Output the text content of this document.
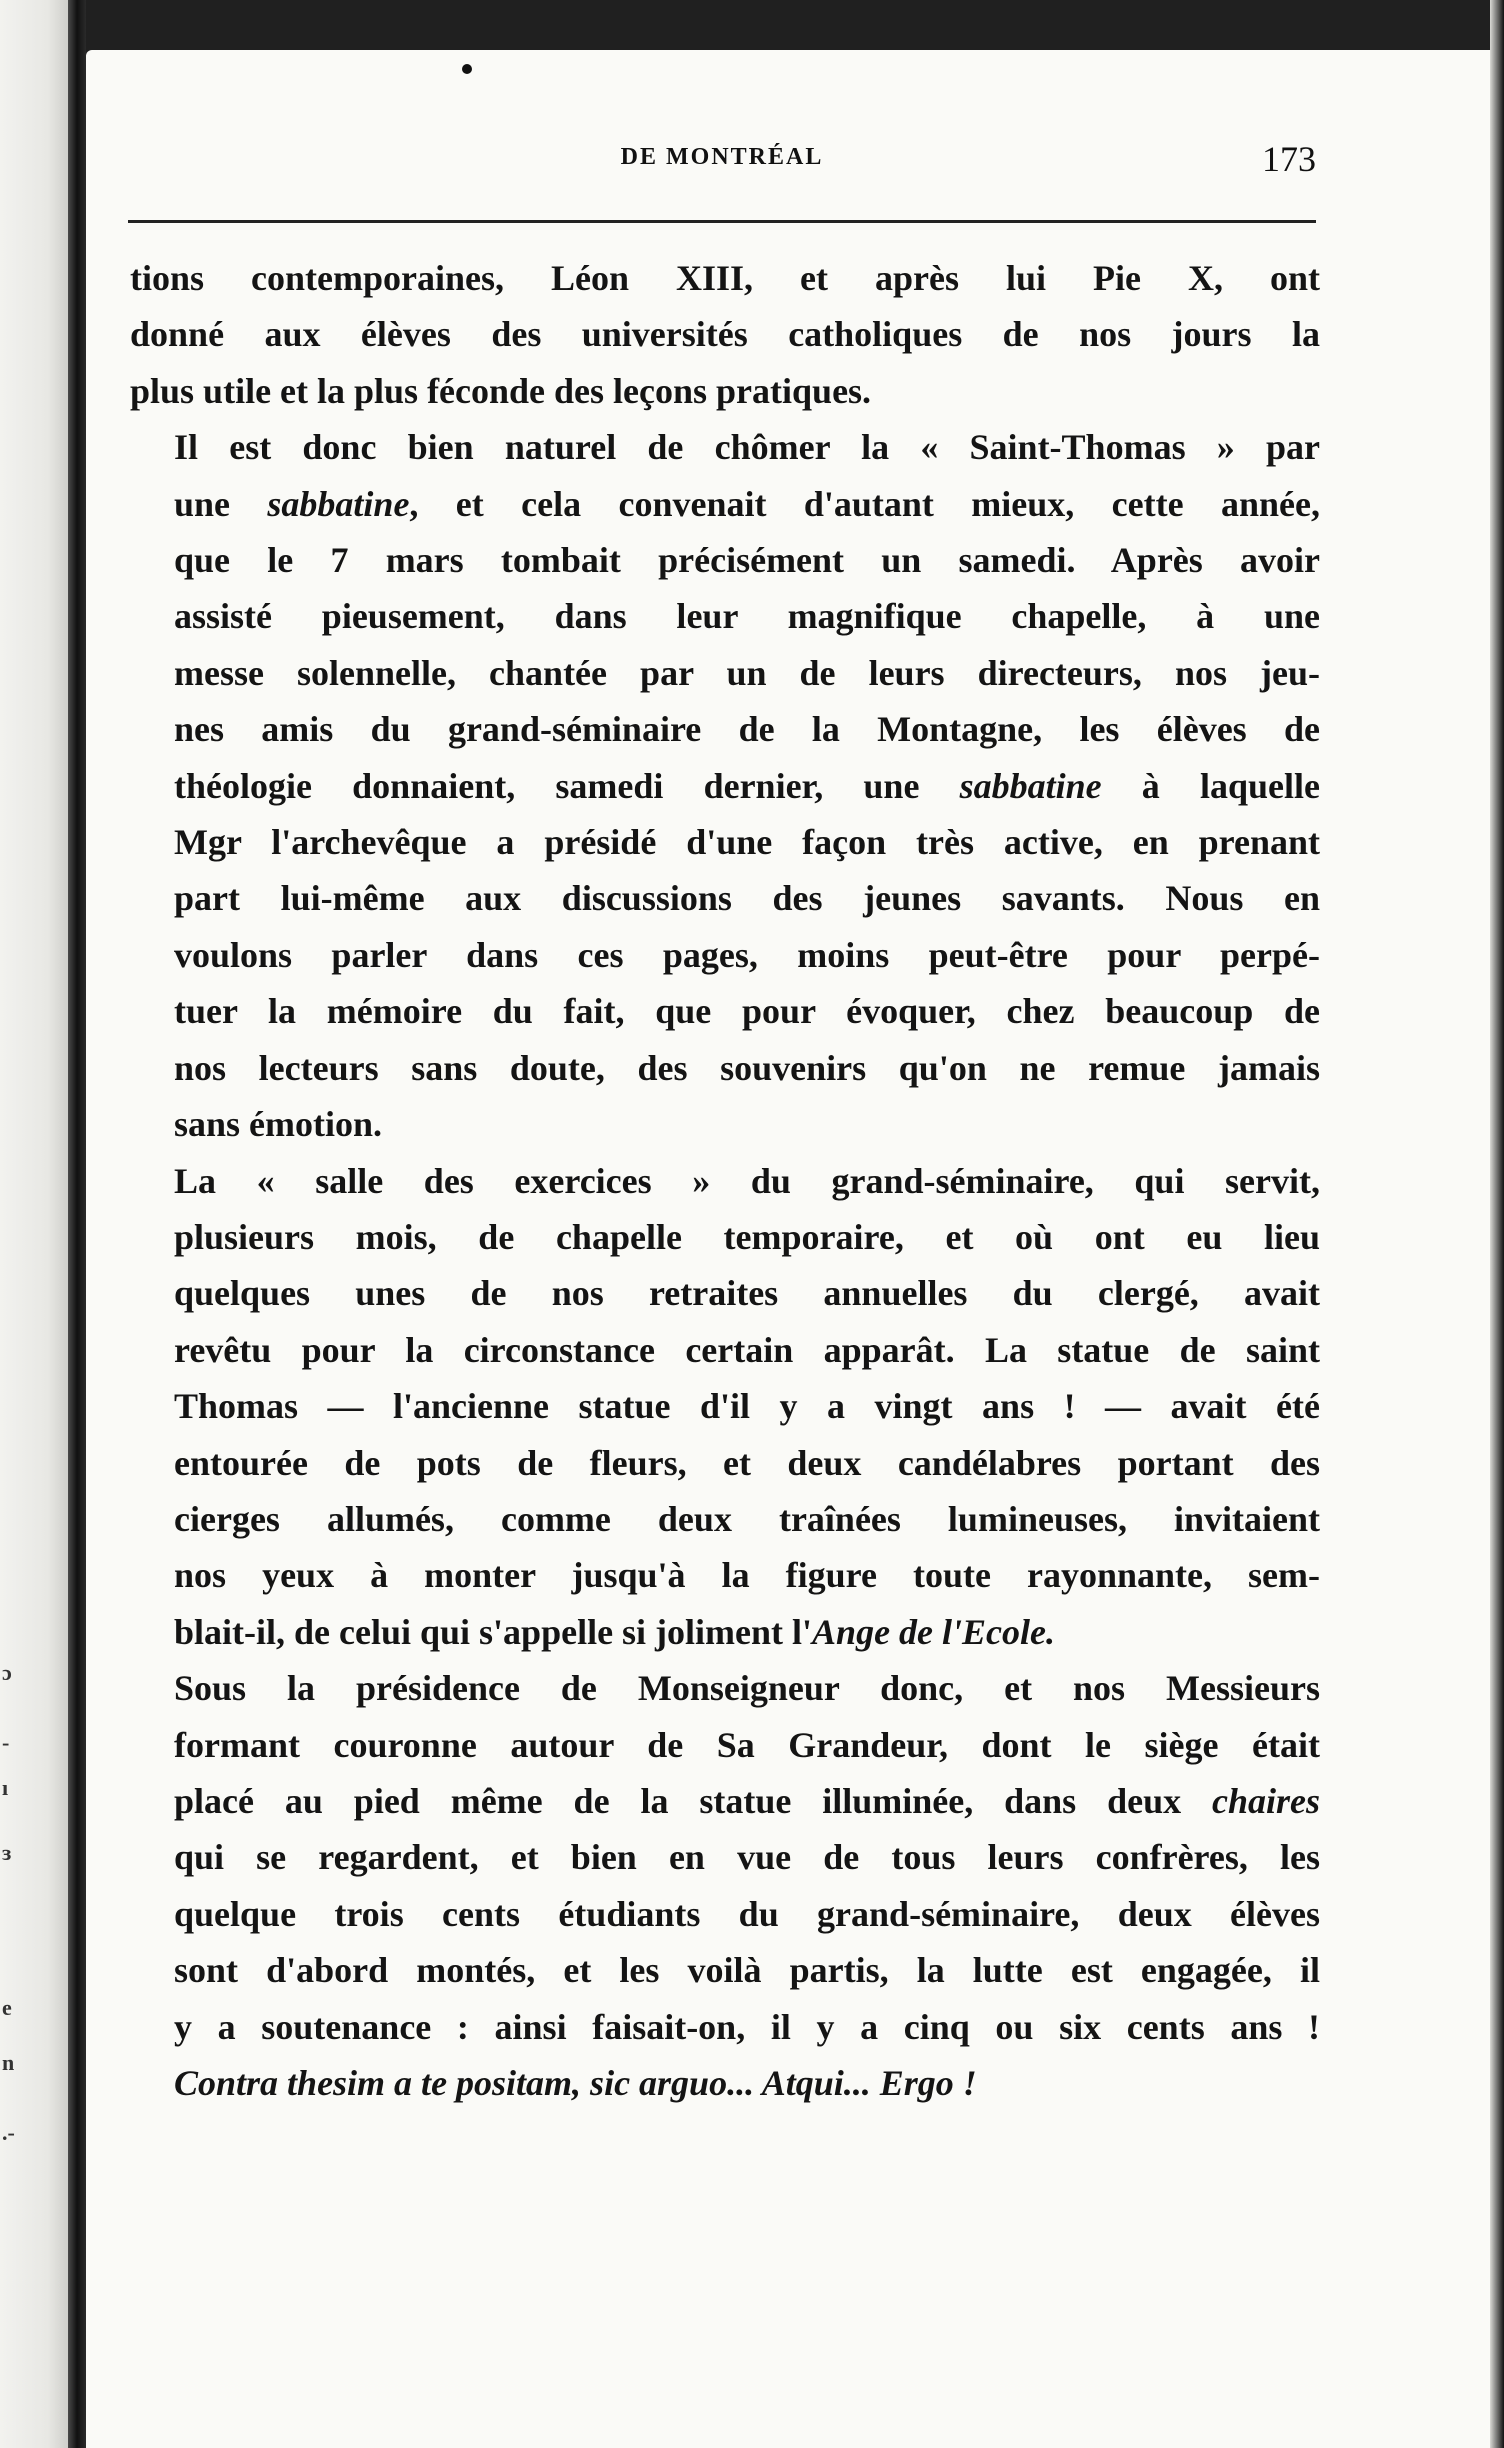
ɔ
-
ı
ɜ
e
n
.-
DE MONTRÉAL	173

tions contemporaines, Léon XIII, et après lui Pie X, ont
donné aux élèves des universités catholiques de nos jours la
plus utile et la plus féconde des leçons pratiques.

Il est donc bien naturel de chômer la « Saint-Thomas » par
une sabbatine, et cela convenait d'autant mieux, cette année,
que le 7 mars tombait précisément un samedi. Après avoir
assisté pieusement, dans leur magnifique chapelle, à une
messe solennelle, chantée par un de leurs directeurs, nos jeu-
nes amis du grand-séminaire de la Montagne, les élèves de
théologie donnaient, samedi dernier, une sabbatine à laquelle
Mgr l'archevêque a présidé d'une façon très active, en prenant
part lui-même aux discussions des jeunes savants. Nous en
voulons parler dans ces pages, moins peut-être pour perpé-
tuer la mémoire du fait, que pour évoquer, chez beaucoup de
nos lecteurs sans doute, des souvenirs qu'on ne remue jamais
sans émotion.

La « salle des exercices » du grand-séminaire, qui servit,
plusieurs mois, de chapelle temporaire, et où ont eu lieu
quelques unes de nos retraites annuelles du clergé, avait
revêtu pour la circonstance certain apparât. La statue de saint
Thomas — l'ancienne statue d'il y a vingt ans ! — avait été
entourée de pots de fleurs, et deux candélabres portant des
cierges allumés, comme deux traînées lumineuses, invitaient
nos yeux à monter jusqu'à la figure toute rayonnante, sem-
blait-il, de celui qui s'appelle si joliment l'Ange de l'Ecole.

Sous la présidence de Monseigneur donc, et nos Messieurs
formant couronne autour de Sa Grandeur, dont le siège était
placé au pied même de la statue illuminée, dans deux chaires
qui se regardent, et bien en vue de tous leurs confrères, les
quelque trois cents étudiants du grand-séminaire, deux élèves
sont d'abord montés, et les voilà partis, la lutte est engagée, il
y a soutenance : ainsi faisait-on, il y a cinq ou six cents ans !
Contra thesim a te positam, sic arguo... Atqui... Ergo !
